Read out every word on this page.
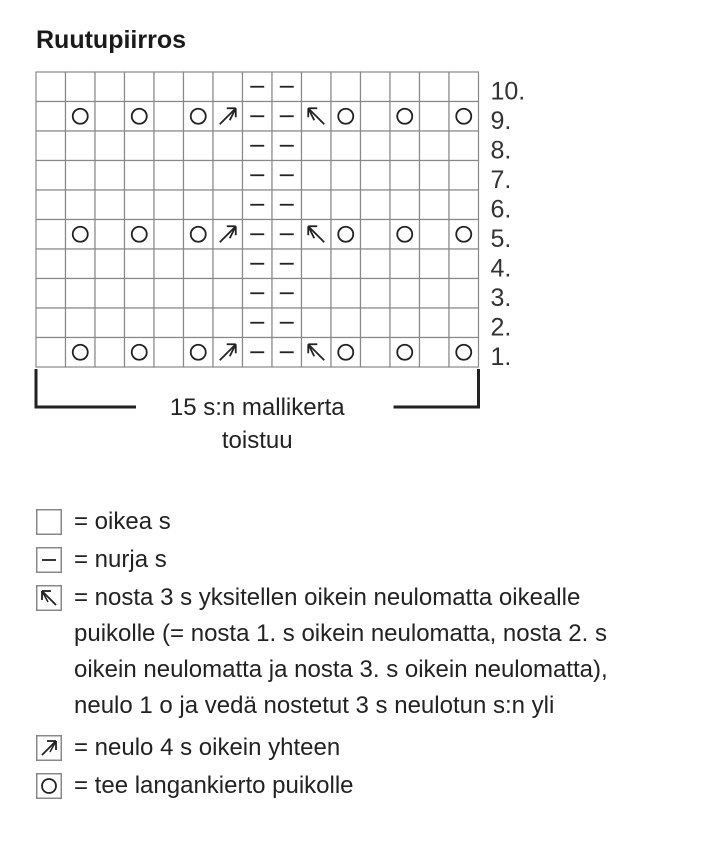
Ruutupiirros
10.
9.
8.
7.
6.
5.
4.
3.
2.
1.
15 s:n mallikerta
toistuu
= oikea s
= nurja s
= nosta 3 s yksitellen oikein neulomatta oikealle
puikolle (= nosta 1. s oikein neulomatta, nosta 2. s
oikein neulomatta ja nosta 3. s oikein neulomatta),
neulo 1 o ja vedä nostetut 3 s neulotun s:n yli
= neulo 4 s oikein yhteen
= tee langankierto puikolle
